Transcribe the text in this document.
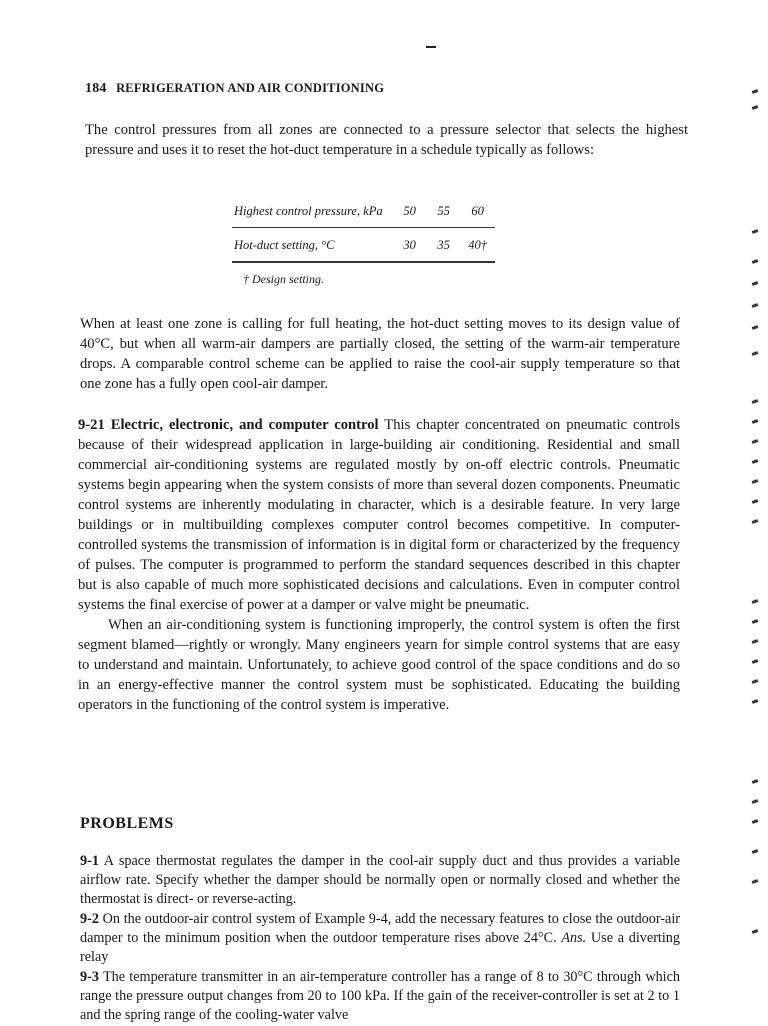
184 REFRIGERATION AND AIR CONDITIONING

The control pressures from all zones are connected to a pressure selector that selects the highest pressure and uses it to reset the hot-duct temperature in a schedule typically as follows:

Highest control pressure, kPa	50	55	60
Hot-duct setting, °C	30	35	40†
† Design setting.

When at least one zone is calling for full heating, the hot-duct setting moves to its design value of 40°C, but when all warm-air dampers are partially closed, the setting of the warm-air temperature drops. A comparable control scheme can be applied to raise the cool-air supply temperature so that one zone has a fully open cool-air damper.

9-21 Electric, electronic, and computer control This chapter concentrated on pneumatic controls because of their widespread application in large-building air conditioning. Residential and small commercial air-conditioning systems are regulated mostly by on-off electric controls. Pneumatic systems begin appearing when the system consists of more than several dozen components. Pneumatic control systems are inherently modulating in character, which is a desirable feature. In very large buildings or in multibuilding complexes computer control becomes competitive. In computer-controlled systems the transmission of information is in digital form or characterized by the frequency of pulses. The computer is programmed to perform the standard sequences described in this chapter but is also capable of much more sophisticated decisions and calculations. Even in computer control systems the final exercise of power at a damper or valve might be pneumatic.

When an air-conditioning system is functioning improperly, the control system is often the first segment blamed—rightly or wrongly. Many engineers yearn for simple control systems that are easy to understand and maintain. Unfortunately, to achieve good control of the space conditions and do so in an energy-effective manner the control system must be sophisticated. Educating the building operators in the functioning of the control system is imperative.

PROBLEMS

9-1 A space thermostat regulates the damper in the cool-air supply duct and thus provides a variable airflow rate. Specify whether the damper should be normally open or normally closed and whether the thermostat is direct- or reverse-acting.

9-2 On the outdoor-air control system of Example 9-4, add the necessary features to close the outdoor-air damper to the minimum position when the outdoor temperature rises above 24°C. Ans. Use a diverting relay

9-3 The temperature transmitter in an air-temperature controller has a range of 8 to 30°C through which range the pressure output changes from 20 to 100 kPa. If the gain of the receiver-controller is set at 2 to 1 and the spring range of the cooling-water valve
